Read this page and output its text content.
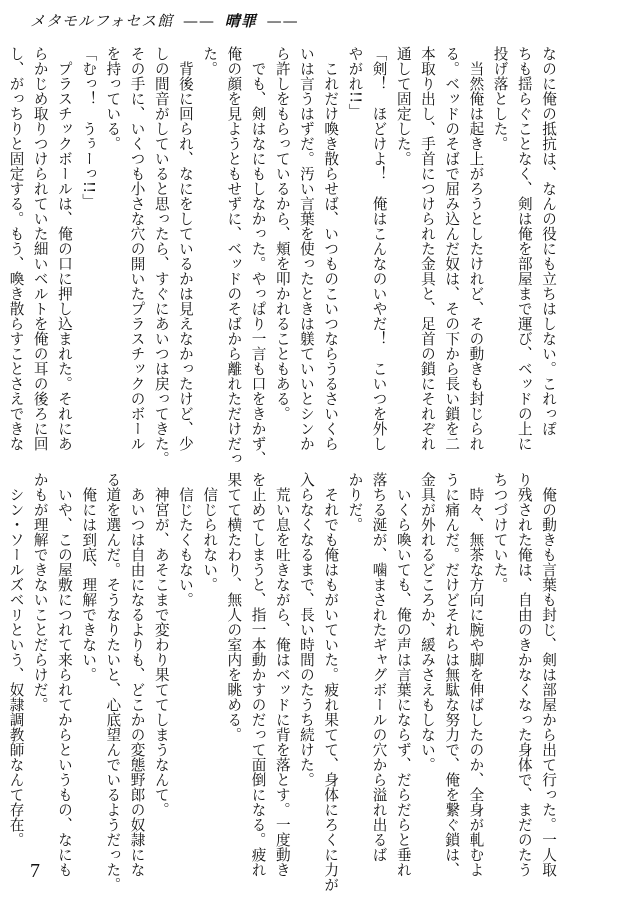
メタモルフォセス館 —— 晴罪 ——

なのに俺の抵抗は、なんの役にも立ちはしない。これっぽ

ちも揺らぐことなく、剣は俺を部屋まで運び、ベッドの上に

投げ落とした。

　当然俺は起き上がろうとしたけれど、その動きも封じられ

る。ベッドのそばで屈み込んだ奴は、その下から長い鎖を二

本取り出し、手首につけられた金具と、足首の鎖にそれぞれ

通して固定した。

「剣！　ほどけよ！　俺はこんなのいやだ！　こいつを外し

やがれ!!」

　これだけ喚き散らせば、いつものこいつならうるさいくら

いは言うはずだ。汚い言葉を使ったときは躾ていいとシンか

ら許しをもらっているから、頬を叩かれることもある。

　でも、剣はなにもしなかった。やっぱり一言も口をきかず、

俺の顔を見ようともせずに、ベッドのそばから離れただけだっ

た。

　背後に回られ、なにをしているかは見えなかったけど、少

しの間音がしていると思ったら、すぐにあいつは戻ってきた。

その手に、いくつも小さな穴の開いたプラスチックのボール

を持っている。

「むっ！　うぅーっ!!」

　プラスチックボールは、俺の口に押し込まれた。それにあ

らかじめ取りつけられていた細いベルトを俺の耳の後ろに回

し、がっちりと固定する。もう、喚き散らすことさえできな

　俺の動きも言葉も封じ、剣は部屋から出て行った。一人取

り残された俺は、自由のきかなくなった身体で、まだのたう

ちつづけていた。

　時々、無茶な方向に腕や脚を伸ばしたのか、全身が軋むよ

うに痛んだ。だけどそれらは無駄な努力で、俺を繋ぐ鎖は、

金具が外れるどころか、緩みさえもしない。

　いくら喚いても、俺の声は言葉にならず、だらだらと垂れ

落ちる涎が、噛まされたギャグボールの穴から溢れ出るば

かりだ。

　それでも俺はもがいていた。疲れ果てて、身体にろくに力が

入らなくなるまで、長い時間のたうち続けた。

　荒い息を吐きながら、俺はベッドに背を落とす。一度動き

を止めてしまうと、指一本動かすのだって面倒になる。疲れ

果てて横たわり、無人の室内を眺める。

　信じられない。

　信じたくもない。

　神宮が、あそこまで変わり果ててしまうなんて。

　あいつは自由になるよりも、どこかの変態野郎の奴隷にな

る道を選んだ。そうなりたいと、心底望んでいるようだった。

　俺には到底、理解できない。

　いや、この屋敷につれて来られてからというもの、なにも

かもが理解できないことだらけだ。

　シン・ソールズベリという、奴隷調教師なんて存在。

7
